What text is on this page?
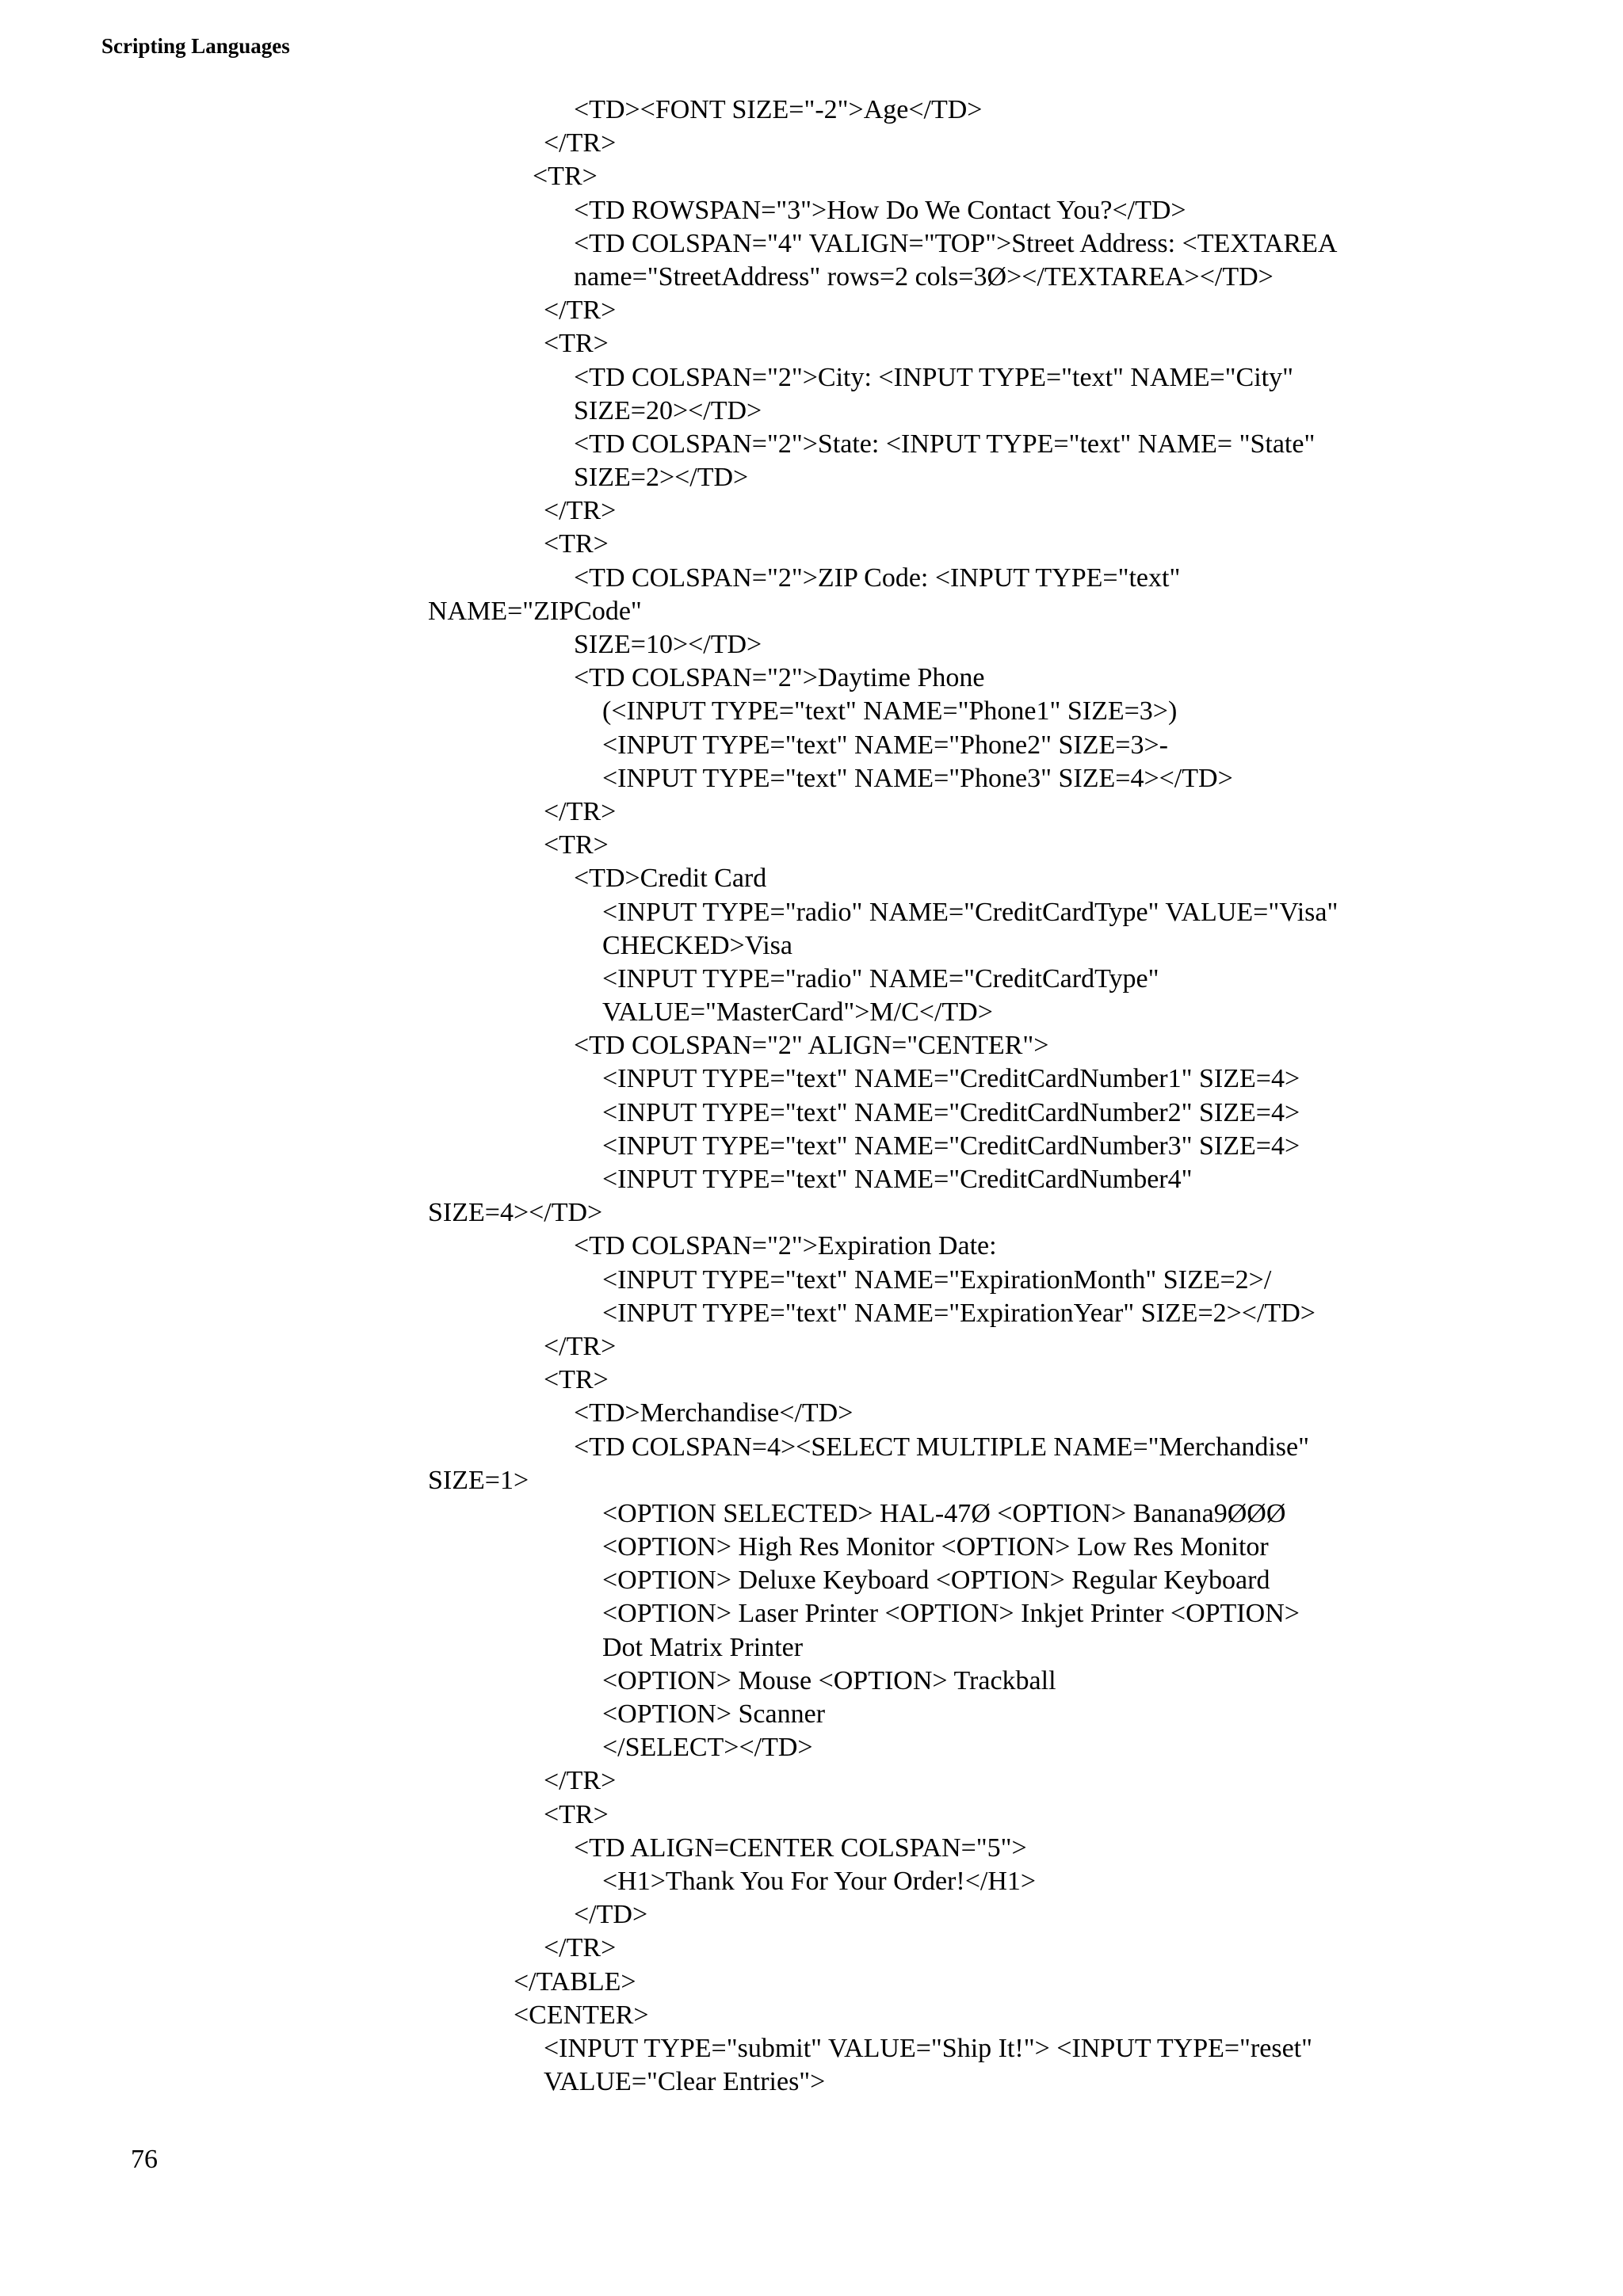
Scripting Languages
<TD><FONT SIZE="-2">Age</TD>
</TR>
<TR>
<TD ROWSPAN="3">How Do We Contact You?</TD>
<TD COLSPAN="4" VALIGN="TOP">Street Address: <TEXTAREA
name="StreetAddress" rows=2 cols=3Ø></TEXTAREA></TD>
</TR>
<TR>
<TD COLSPAN="2">City: <INPUT TYPE="text" NAME="City"
SIZE=20></TD>
<TD COLSPAN="2">State: <INPUT TYPE="text" NAME= "State"
SIZE=2></TD>
</TR>
<TR>
<TD COLSPAN="2">ZIP Code: <INPUT TYPE="text"
NAME="ZIPCode"
SIZE=10></TD>
<TD COLSPAN="2">Daytime Phone
(<INPUT TYPE="text" NAME="Phone1" SIZE=3>)
<INPUT TYPE="text" NAME="Phone2" SIZE=3>-
<INPUT TYPE="text" NAME="Phone3" SIZE=4></TD>
</TR>
<TR>
<TD>Credit Card
<INPUT TYPE="radio" NAME="CreditCardType" VALUE="Visa"
CHECKED>Visa
<INPUT TYPE="radio" NAME="CreditCardType"
VALUE="MasterCard">M/C</TD>
<TD COLSPAN="2" ALIGN="CENTER">
<INPUT TYPE="text" NAME="CreditCardNumber1" SIZE=4>
<INPUT TYPE="text" NAME="CreditCardNumber2" SIZE=4>
<INPUT TYPE="text" NAME="CreditCardNumber3" SIZE=4>
<INPUT TYPE="text" NAME="CreditCardNumber4"
SIZE=4></TD>
<TD COLSPAN="2">Expiration Date:
<INPUT TYPE="text" NAME="ExpirationMonth" SIZE=2>/
<INPUT TYPE="text" NAME="ExpirationYear" SIZE=2></TD>
</TR>
<TR>
<TD>Merchandise</TD>
<TD COLSPAN=4><SELECT MULTIPLE NAME="Merchandise"
SIZE=1>
<OPTION SELECTED> HAL-47Ø <OPTION> Banana9ØØØ
<OPTION> High Res Monitor <OPTION> Low Res Monitor
<OPTION> Deluxe Keyboard <OPTION> Regular Keyboard
<OPTION> Laser Printer <OPTION> Inkjet Printer <OPTION>
Dot Matrix Printer
<OPTION> Mouse <OPTION> Trackball
<OPTION> Scanner
</SELECT></TD>
</TR>
<TR>
<TD ALIGN=CENTER COLSPAN="5">
<H1>Thank You For Your Order!</H1>
</TD>
</TR>
</TABLE>
<CENTER>
<INPUT TYPE="submit" VALUE="Ship It!"> <INPUT TYPE="reset"
VALUE="Clear Entries">
76
